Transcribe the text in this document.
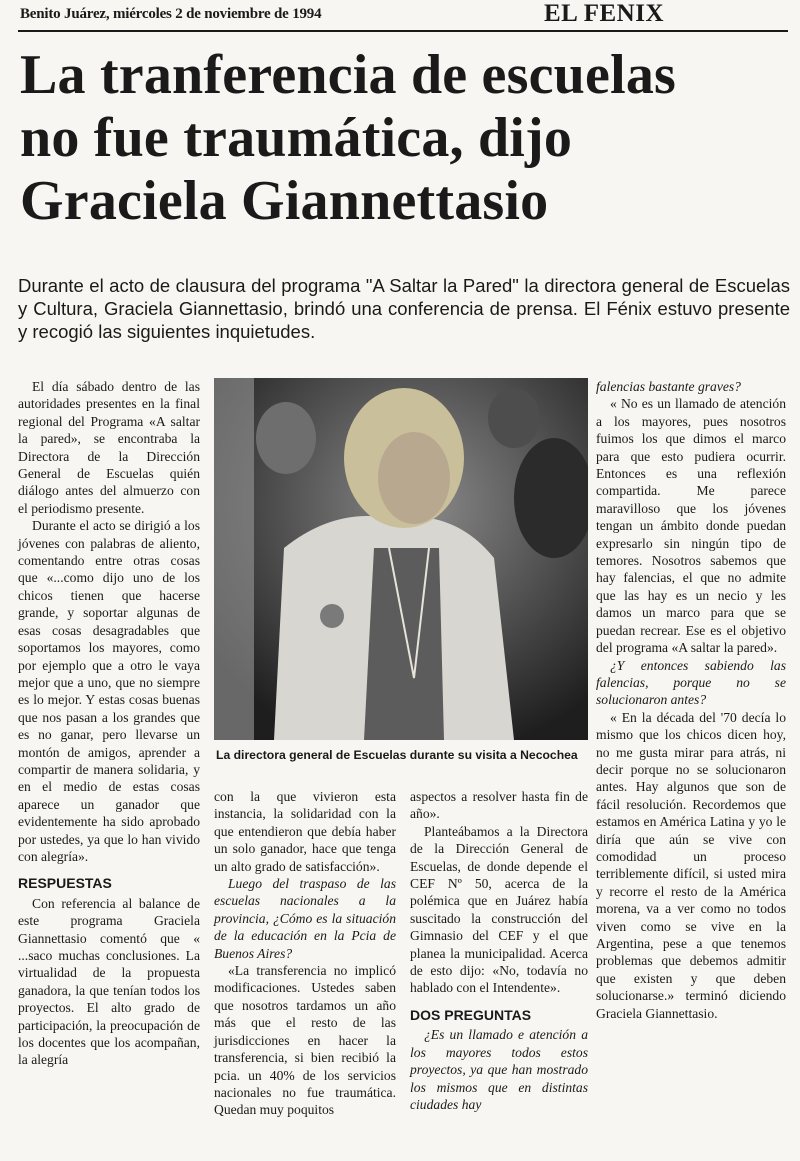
Benito Juárez, miércoles 2 de noviembre de 1994	EL FENIX
La tranferencia de escuelas
no fue traumática, dijo
Graciela Giannettasio

Durante el acto de clausura del programa "A Saltar la Pared" la directora general de Escuelas y Cultura, Graciela Giannettasio, brindó una conferencia de prensa. El Fénix estuvo presente y recogió las siguientes inquietudes.

El día sábado dentro de las autoridades presentes en la final regional del Programa «A saltar la pared», se encontraba la Directora de la Dirección General de Escuelas quién diálogo antes del almuerzo con el periodismo presente.

Durante el acto se dirigió a los jóvenes con palabras de aliento, comentando entre otras cosas que «...como dijo uno de los chicos tienen que hacerse grande, y soportar algunas de esas cosas desagradables que soportamos los mayores, como por ejemplo que a otro le vaya mejor que a uno, que no siempre es lo mejor. Y estas cosas buenas que nos pasan a los grandes que es no ganar, pero llevarse un montón de amigos, aprender a compartir de manera solidaria, y en el medio de estas cosas aparece un ganador que evidentemente ha sido aprobado por ustedes, ya que lo han vivido con alegría».

RESPUESTAS

Con referencia al balance de este programa Graciela Giannettasio comentó que « ...saco muchas conclusiones. La virtualidad de la propuesta ganadora, la que tenían todos los proyectos. El alto grado de participación, la preocupación de los docentes que los acompañan, la alegría

La directora general de Escuelas durante su visita a Necochea

con la que vivieron esta instancia, la solidaridad con la que entendieron que debía haber un solo ganador, hace que tenga un alto grado de satisfacción».

Luego del traspaso de las escuelas nacionales a la provincia, ¿Cómo es la situación de la educación en la Pcia de Buenos Aires?

«La transferencia no implicó modificaciones. Ustedes saben que nosotros tardamos un año más que el resto de las jurisdicciones en hacer la transferencia, si bien recibió la pcia. un 40% de los servicios nacionales no fue traumática. Quedan muy poquitos

aspectos a resolver hasta fin de año».

Planteábamos a la Directora de la Dirección General de Escuelas, de donde depende el CEF Nº 50, acerca de la polémica que en Juárez había suscitado la construcción del Gimnasio del CEF y el que planea la municipalidad. Acerca de esto dijo: «No, todavía no hablado con el Intendente».

DOS PREGUNTAS

¿Es un llamado e atención a los mayores todos estos proyectos, ya que han mostrado los mismos que en distintas ciudades hay

falencias bastante graves?

« No es un llamado de atención a los mayores, pues nosotros fuimos los que dimos el marco para que esto pudiera ocurrir. Entonces es una reflexión compartida. Me parece maravilloso que los jóvenes tengan un ámbito donde puedan expresarlo sin ningún tipo de temores. Nosotros sabemos que hay falencias, el que no admite que las hay es un necio y les damos un marco para que se puedan recrear. Ese es el objetivo del programa «A saltar la pared».

¿Y entonces sabiendo las falencias, porque no se solucionaron antes?

« En la década del '70 decía lo mismo que los chicos dicen hoy, no me gusta mirar para atrás, ni decir porque no se solucionaron antes. Hay algunos que son de fácil resolución. Recordemos que estamos en América Latina y yo le diría que aún se vive con comodidad un proceso terriblemente difícil, si usted mira y recorre el resto de la América morena, va a ver como no todos viven como se vive en la Argentina, pese a que tenemos problemas que debemos admitir que existen y que deben solucionarse.» terminó diciendo Graciela Giannettasio.
